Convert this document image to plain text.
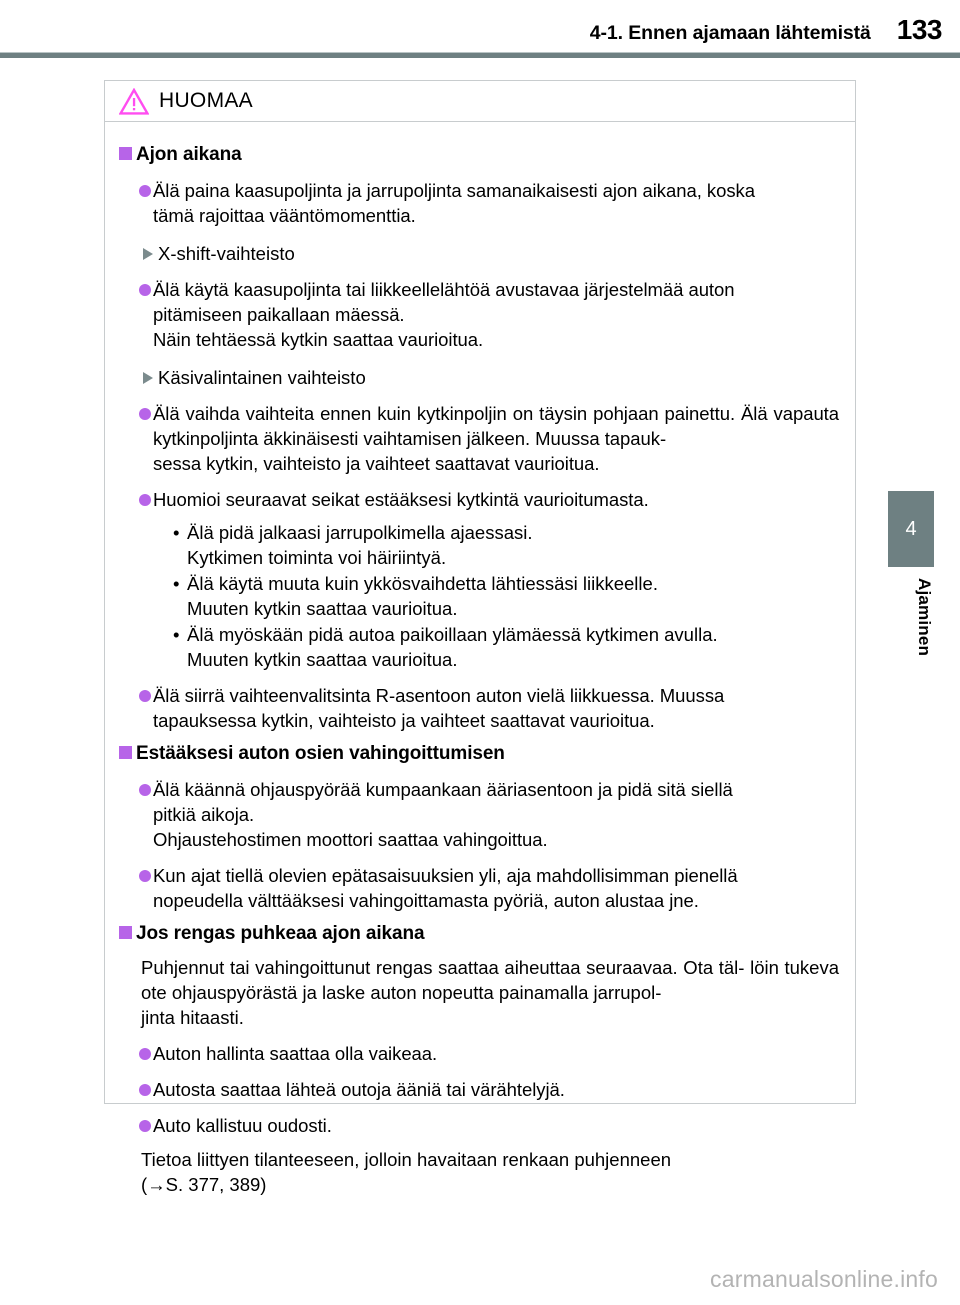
4-1. Ennen ajamaan lähtemistä 133
4
Ajaminen
HUOMAA
Ajon aikana
Älä paina kaasupoljinta ja jarrupoljinta samanaikaisesti ajon aikana, koska
tämä rajoittaa vääntömomenttia.
X-shift-vaihteisto
Älä käytä kaasupoljinta tai liikkeellelähtöä avustavaa järjestelmää auton
pitämiseen paikallaan mäessä.
Näin tehtäessä kytkin saattaa vaurioitua.
Käsivalintainen vaihteisto
Älä vaihda vaihteita ennen kuin kytkinpoljin on täysin pohjaan painettu. Älä vapauta kytkinpoljinta äkkinäisesti vaihtamisen jälkeen. Muussa tapauk-
sessa kytkin, vaihteisto ja vaihteet saattavat vaurioitua.
Huomioi seuraavat seikat estääksesi kytkintä vaurioitumasta.
• Älä pidä jalkaasi jarrupolkimella ajaessasi.
Kytkimen toiminta voi häiriintyä.
• Älä käytä muuta kuin ykkösvaihdetta lähtiessäsi liikkeelle.
Muuten kytkin saattaa vaurioitua.
• Älä myöskään pidä autoa paikoillaan ylämäessä kytkimen avulla.
Muuten kytkin saattaa vaurioitua.
Älä siirrä vaihteenvalitsinta R-asentoon auton vielä liikkuessa. Muussa
tapauksessa kytkin, vaihteisto ja vaihteet saattavat vaurioitua.
Estääksesi auton osien vahingoittumisen
Älä käännä ohjauspyörää kumpaankaan ääriasentoon ja pidä sitä siellä
pitkiä aikoja.
Ohjaustehostimen moottori saattaa vahingoittua.
Kun ajat tiellä olevien epätasaisuuksien yli, aja mahdollisimman pienellä
nopeudella välttääksesi vahingoittamasta pyöriä, auton alustaa jne.
Jos rengas puhkeaa ajon aikana
Puhjennut tai vahingoittunut rengas saattaa aiheuttaa seuraavaa. Ota täl- löin tukeva ote ohjauspyörästä ja laske auton nopeutta painamalla jarrupol-
jinta hitaasti.
Auton hallinta saattaa olla vaikeaa.
Autosta saattaa lähteä outoja ääniä tai värähtelyjä.
Auto kallistuu oudosti.
Tietoa liittyen tilanteeseen, jolloin havaitaan renkaan puhjenneen
(→S. 377, 389)
carmanualsonline.info
